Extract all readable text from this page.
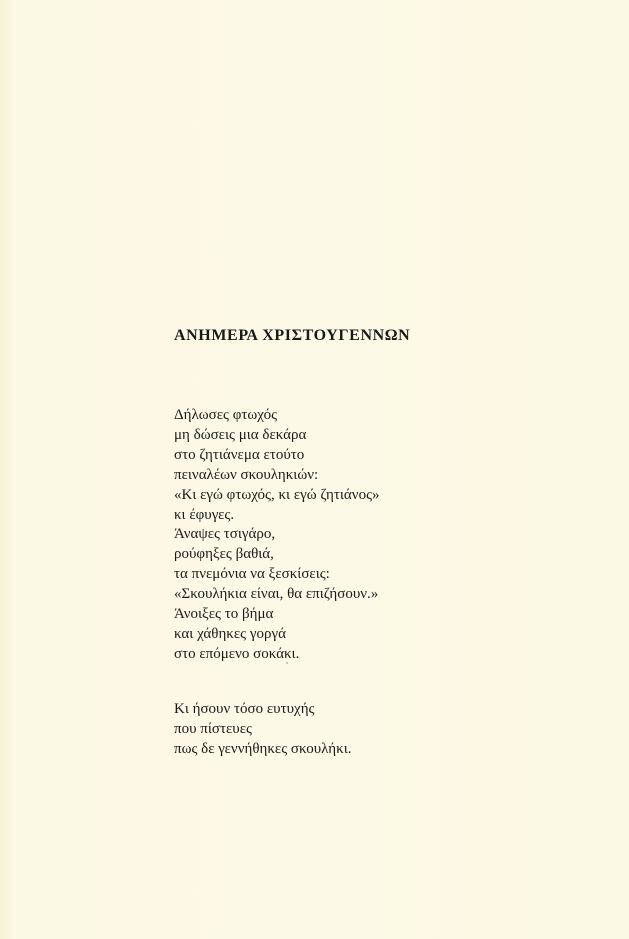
ΑΝΗΜΕΡΑ ΧΡΙΣΤΟΥΓΕΝΝΩΝ
Δήλωσες φτωχός
μη δώσεις μια δεκάρα
στο ζητιάνεμα ετούτο
πειναλέων σκουληκιών:
«Κι εγώ φτωχός, κι εγώ ζητιάνος»
κι έφυγες.
Άναψες τσιγάρο,
ρούφηξες βαθιά,
τα πνεμόνια να ξεσκίσεις:
«Σκουλήκια είναι, θα επιζήσουν.»
Άνοιξες το βήμα
και χάθηκες γοργά
στο επόμενο σοκάκι.
Κι ήσουν τόσο ευτυχής
που πίστευες
πως δε γεννήθηκες σκουλήκι.
